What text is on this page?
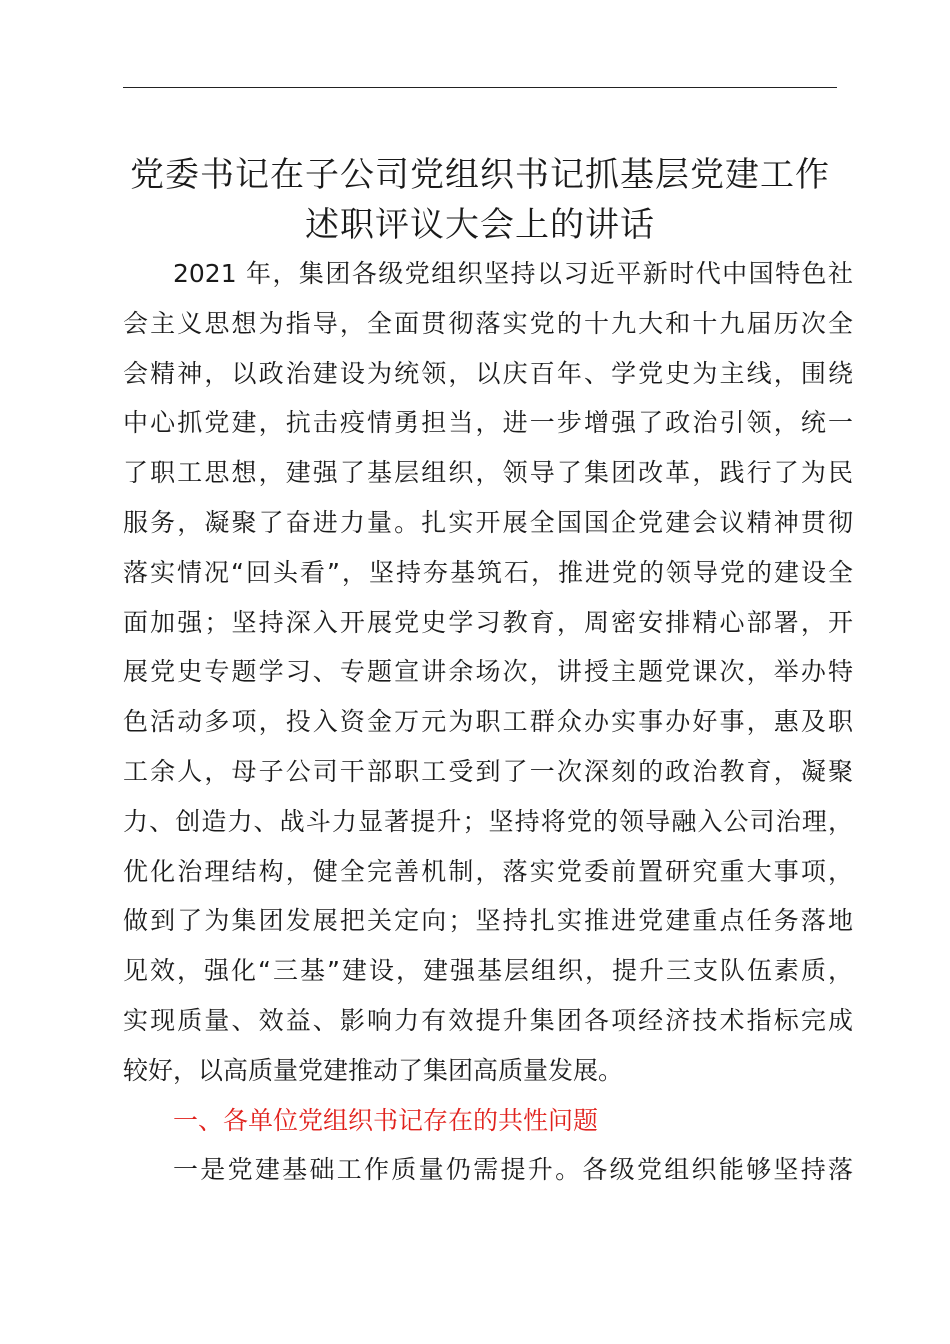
党委书记在子公司党组织书记抓基层党建工作
述职评议大会上的讲话
2021 年，集团各级党组织坚持以习近平新时代中国特色社
会主义思想为指导，全面贯彻落实党的十九大和十九届历次全
会精神，以政治建设为统领，以庆百年、学党史为主线，围绕
中心抓党建，抗击疫情勇担当，进一步增强了政治引领，统一
了职工思想，建强了基层组织，领导了集团改革，践行了为民
服务，凝聚了奋进力量。扎实开展全国国企党建会议精神贯彻
落实情况“回头看”，坚持夯基筑石，推进党的领导党的建设全
面加强；坚持深入开展党史学习教育，周密安排精心部署，开
展党史专题学习、专题宣讲余场次，讲授主题党课次，举办特
色活动多项，投入资金万元为职工群众办实事办好事，惠及职
工余人，母子公司干部职工受到了一次深刻的政治教育，凝聚
力、创造力、战斗力显著提升；坚持将党的领导融入公司治理，
优化治理结构，健全完善机制，落实党委前置研究重大事项，
做到了为集团发展把关定向；坚持扎实推进党建重点任务落地
见效，强化“三基”建设，建强基层组织，提升三支队伍素质，
实现质量、效益、影响力有效提升集团各项经济技术指标完成
较好，以高质量党建推动了集团高质量发展。
一、各单位党组织书记存在的共性问题
一是党建基础工作质量仍需提升。各级党组织能够坚持落
